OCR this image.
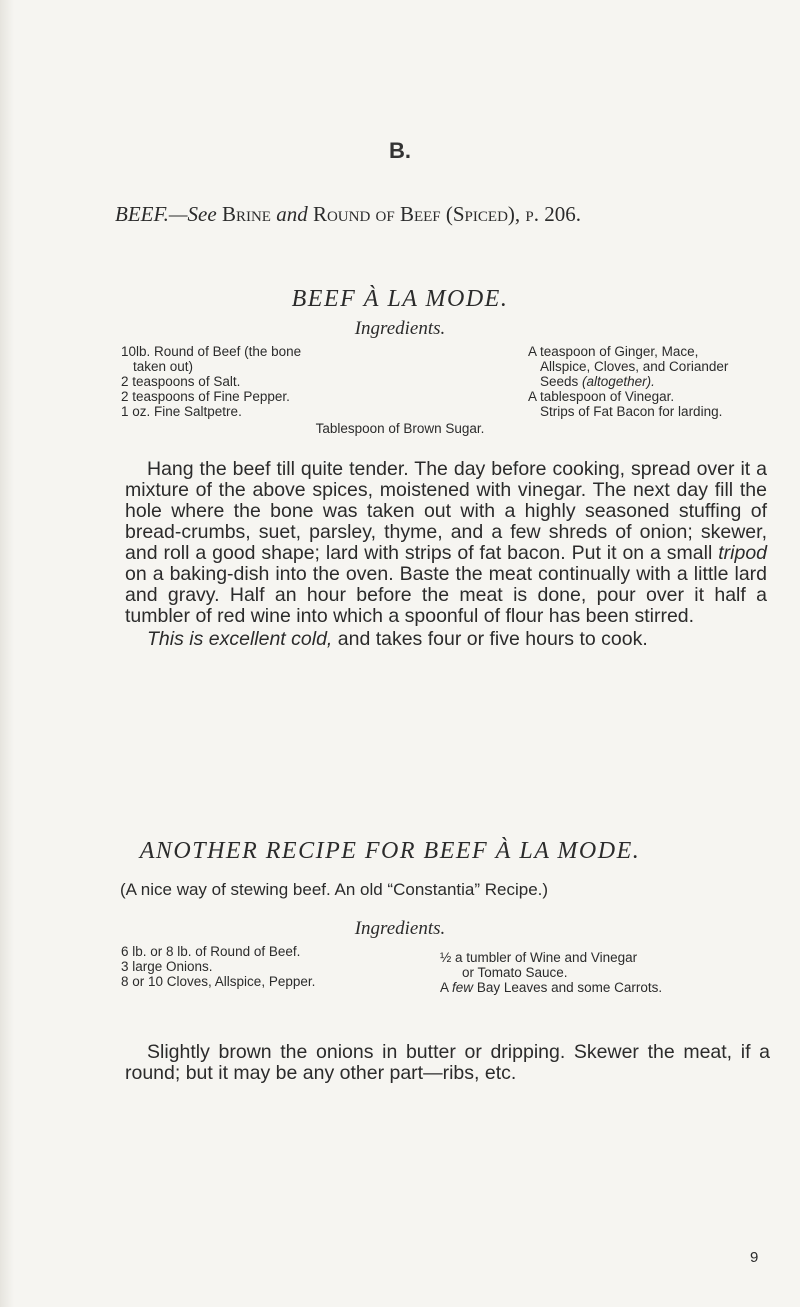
B.
BEEF.—See Brine and Round of Beef (Spiced), p. 206.
BEEF À LA MODE.
Ingredients.

10lb. Round of Beef (the bone

taken out)

2 teaspoons of Salt.

2 teaspoons of Fine Pepper.

1 oz. Fine Saltpetre.

A teaspoon of Ginger, Mace,

Allspice, Cloves, and Coriander

Seeds (altogether).

A tablespoon of Vinegar.

Strips of Fat Bacon for larding.

Tablespoon of Brown Sugar.

Hang the beef till quite tender. The day before cooking, spread over it a mixture of the above spices, moistened with vinegar. The next day fill the hole where the bone was taken out with a highly seasoned stuffing of bread-crumbs, suet, parsley, thyme, and a few shreds of onion; skewer, and roll a good shape; lard with strips of fat bacon. Put it on a small tripod on a baking-dish into the oven. Baste the meat continually with a little lard and gravy. Half an hour before the meat is done, pour over it half a tumbler of red wine into which a spoonful of flour has been stirred.

This is excellent cold, and takes four or five hours to cook.

ANOTHER RECIPE FOR BEEF À LA MODE.
(A nice way of stewing beef. An old “Constantia” Recipe.)
Ingredients.

6 lb. or 8 lb. of Round of Beef.

3 large Onions.

8 or 10 Cloves, Allspice, Pepper.

½ a tumbler of Wine and Vinegar

or Tomato Sauce.

A few Bay Leaves and some Carrots.

Slightly brown the onions in butter or dripping. Skewer the meat, if a round; but it may be any other part—ribs, etc.

9
